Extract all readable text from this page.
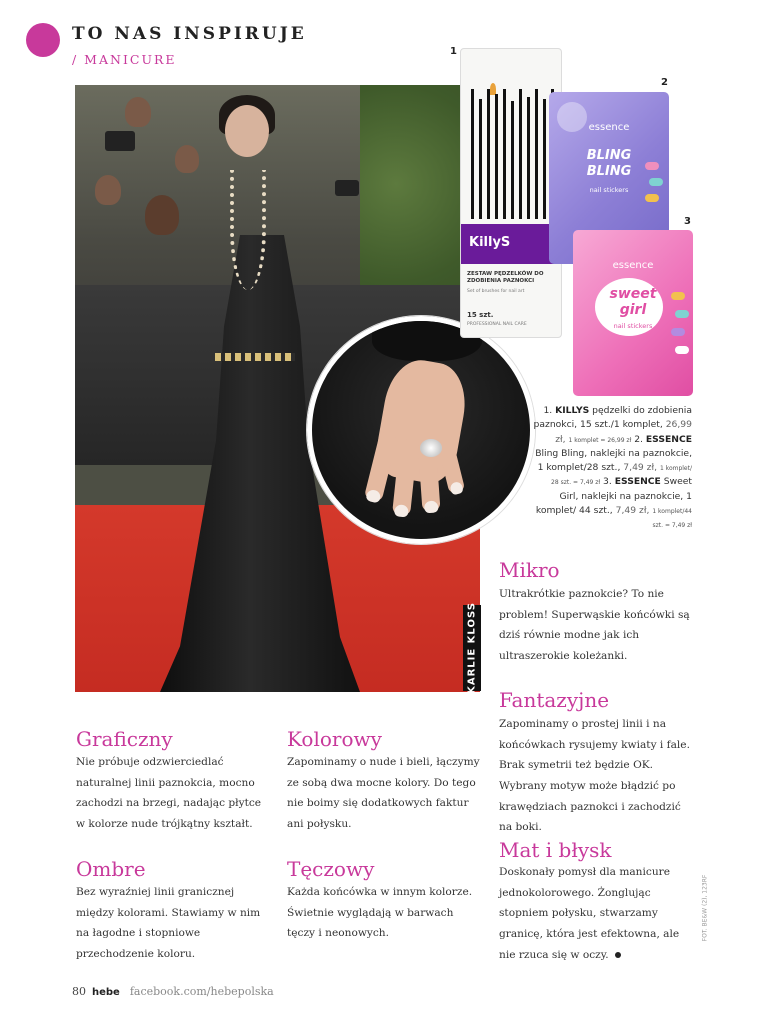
TO NAS INSPIRUJE
/ MANICURE
KARLIE KLOSS
1
2
3
KillyS
ZESTAW PĘDZELKÓW DO ZDOBIENIA PAZNOKCI
Set of brushes for nail art
15 szt.
PROFESSIONAL NAIL CARE
essence
BLING
BLING
nail stickers
essence
sweet
girl
nail stickers
1. KILLYS pędzelki do zdobienia paznokci, 15 szt./1 komplet, 26,99 zł, 1 komplet = 26,99 zł 2. ESSENCE Bling Bling, naklejki na paznokcie, 1 komplet/28 szt., 7,49 zł, 1 komplet/ 28 szt. = 7,49 zł 3. ESSENCE Sweet Girl, naklejki na paznokcie, 1 komplet/ 44 szt., 7,49 zł, 1 komplet/44 szt. = 7,49 zł
Mikro
Ultrakrótkie paznokcie? To nie problem! Superwąskie końcówki są dziś równie modne jak ich ultraszerokie koleżanki.
Fantazyjne
Zapominamy o prostej linii i na końcówkach rysujemy kwiaty i fale. Brak symetrii też będzie OK. Wybrany motyw może błądzić po krawędziach paznokci i zachodzić na boki.
Graficzny
Nie próbuje odzwierciedlać naturalnej linii paznokcia, mocno zachodzi na brzegi, nadając płytce w kolorze nude trójkątny kształt.
Ombre
Bez wyraźniej linii granicznej między kolorami. Stawiamy w nim na łagodne i stopniowe przechodzenie koloru.
Kolorowy
Zapominamy o nude i bieli, łączymy ze sobą dwa mocne kolory. Do tego nie boimy się dodatkowych faktur ani połysku.
Tęczowy
Każda końcówka w innym kolorze. Świetnie wyglądają w barwach tęczy i neonowych.
Mat i błysk
Doskonały pomysł dla manicure jednokolorowego. Żonglując stopniem połysku, stwarzamy granicę, która jest efektowna, ale nie rzuca się w oczy.
FOT. BE&W (2), 123RF
80 hebe facebook.com/hebepolska
